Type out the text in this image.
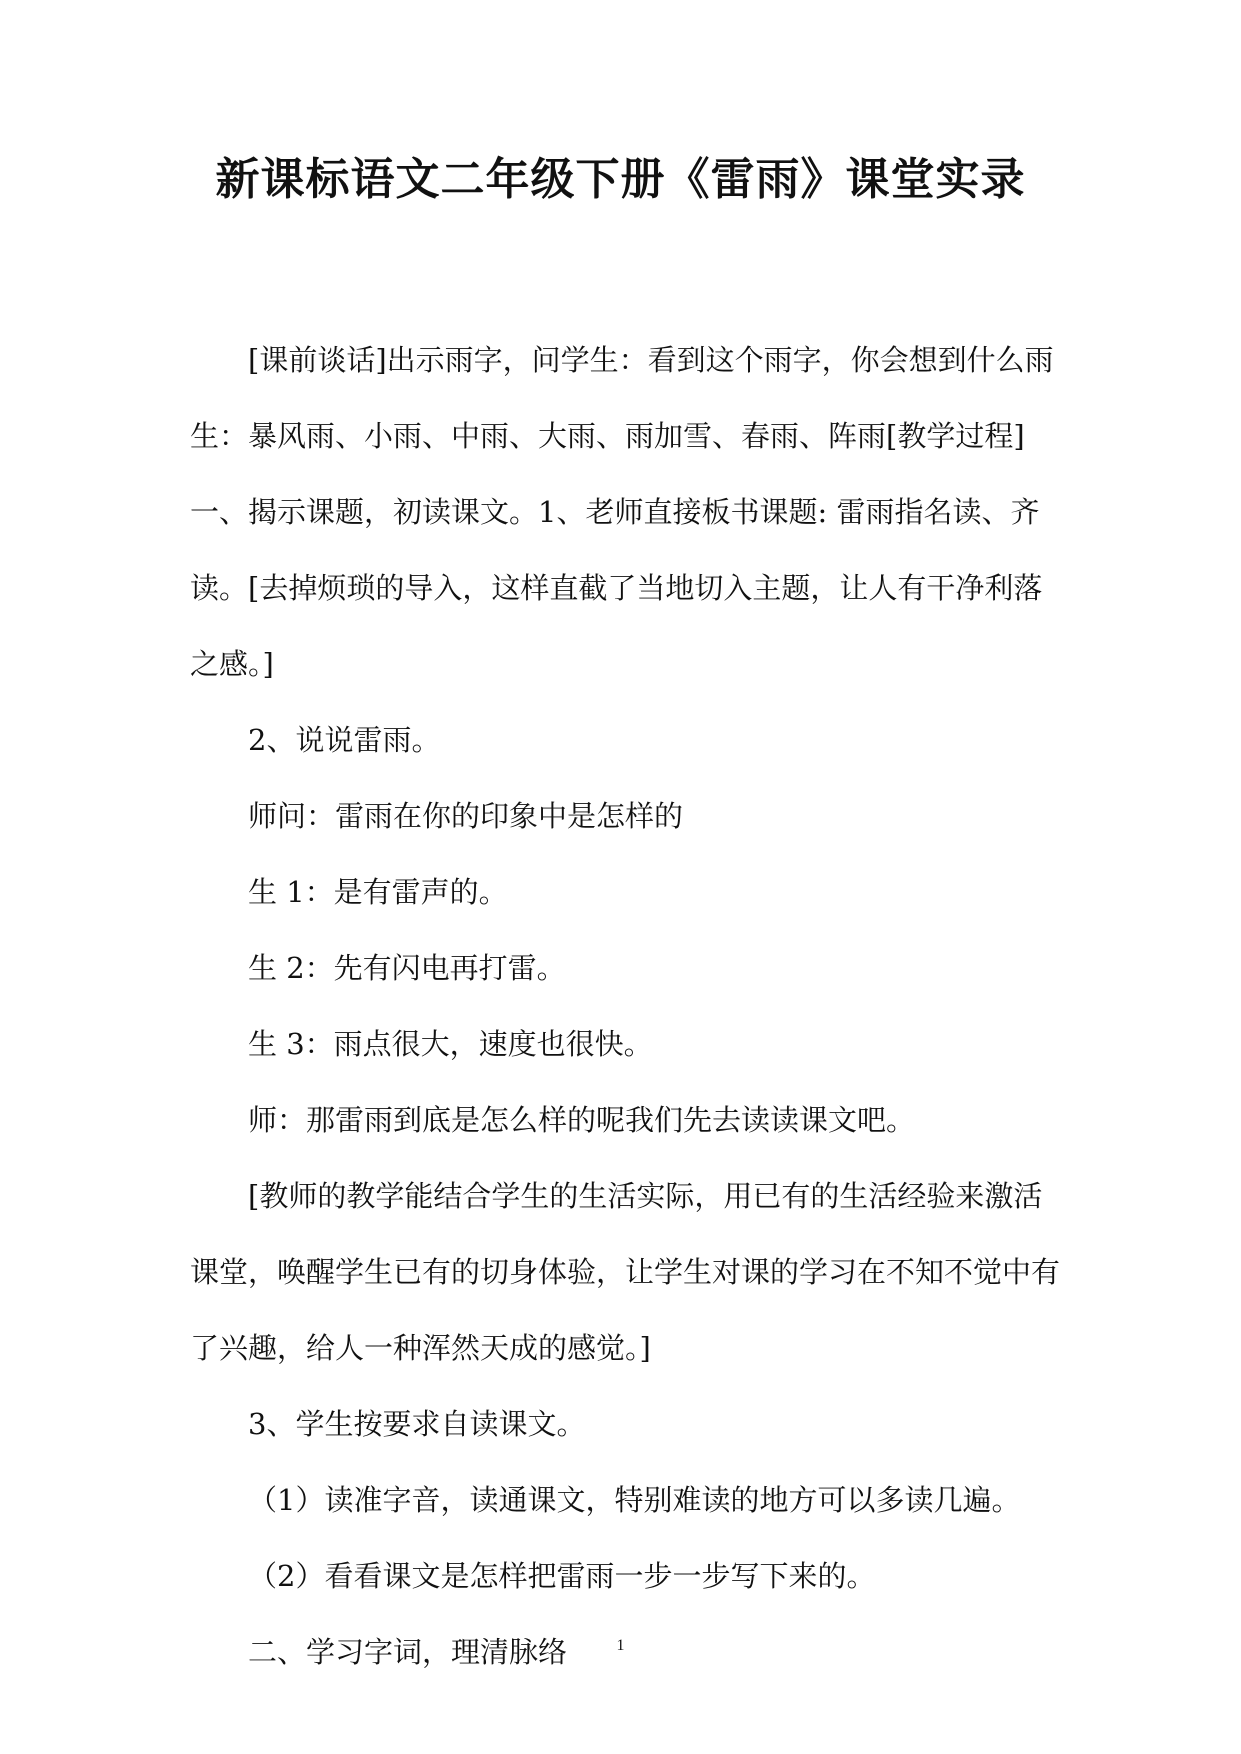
新课标语文二年级下册《雷雨》课堂实录

[课前谈话]出示雨字，问学生：看到这个雨字，你会想到什么雨生：暴风雨、小雨、中雨、大雨、雨加雪、春雨、阵雨[教学过程]一、揭示课题，初读课文。1、老师直接板书课题: 雷雨指名读、齐读。[去掉烦琐的导入，这样直截了当地切入主题，让人有干净利落之感。]

2、说说雷雨。

师问：雷雨在你的印象中是怎样的

生 1：是有雷声的。

生 2：先有闪电再打雷。

生 3：雨点很大，速度也很快。

师：那雷雨到底是怎么样的呢我们先去读读课文吧。

[教师的教学能结合学生的生活实际，用已有的生活经验来激活课堂，唤醒学生已有的切身体验，让学生对课的学习在不知不觉中有了兴趣，给人一种浑然天成的感觉。]

3、学生按要求自读课文。

（1）读准字音，读通课文，特别难读的地方可以多读几遍。

（2）看看课文是怎样把雷雨一步一步写下来的。

二、学习字词，理清脉络	1
